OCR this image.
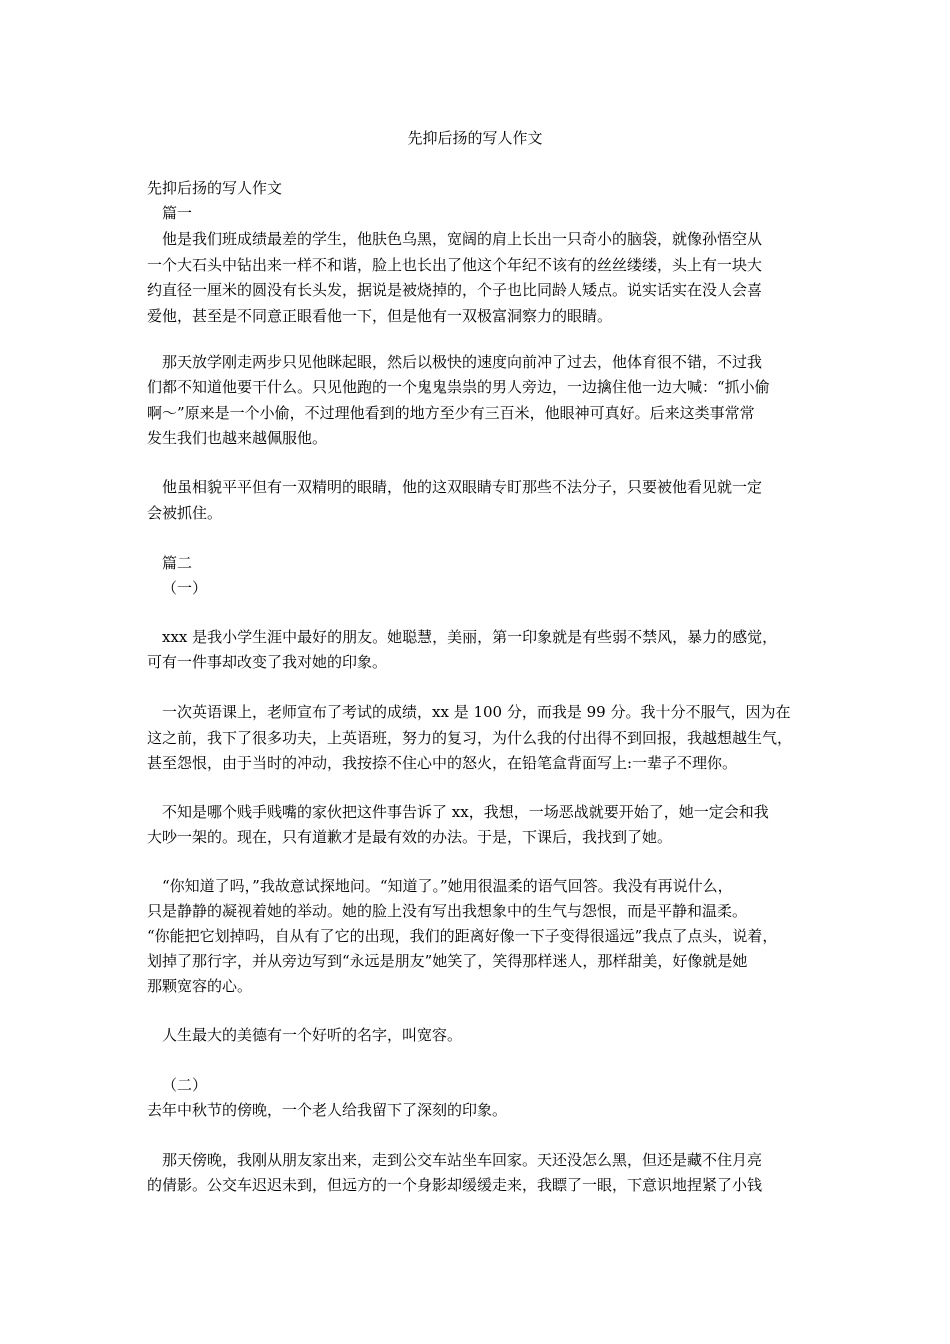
先抑后扬的写人作文
先抑后扬的写人作文
篇一
他是我们班成绩最差的学生，他肤色乌黑，宽阔的肩上长出一只奇小的脑袋，就像孙悟空从
一个大石头中钻出来一样不和谐，脸上也长出了他这个年纪不该有的丝丝缕缕，头上有一块大
约直径一厘米的圆没有长头发，据说是被烧掉的，个子也比同龄人矮点。说实话实在没人会喜
爱他，甚至是不同意正眼看他一下，但是他有一双极富洞察力的眼睛。
那天放学刚走两步只见他眯起眼，然后以极快的速度向前冲了过去，他体育很不错，不过我
们都不知道他要干什么。只见他跑的一个鬼鬼祟祟的男人旁边，一边擒住他一边大喊：“抓小偷
啊～”原来是一个小偷，不过理他看到的地方至少有三百米，他眼神可真好。后来这类事常常
发生我们也越来越佩服他。
他虽相貌平平但有一双精明的眼睛，他的这双眼睛专盯那些不法分子，只要被他看见就一定
会被抓住。
篇二
（一）
xxx 是我小学生涯中最好的朋友。她聪慧，美丽，第一印象就是有些弱不禁风，暴力的感觉，
可有一件事却改变了我对她的印象。
一次英语课上，老师宣布了考试的成绩，xx 是 100 分，而我是 99 分。我十分不服气，因为在
这之前，我下了很多功夫，上英语班，努力的复习，为什么我的付出得不到回报，我越想越生气，
甚至怨恨，由于当时的冲动，我按捺不住心中的怒火，在铅笔盒背面写上:一辈子不理你。
不知是哪个贱手贱嘴的家伙把这件事告诉了 xx，我想，一场恶战就要开始了，她一定会和我
大吵一架的。现在，只有道歉才是最有效的办法。于是，下课后，我找到了她。
“你知道了吗，”我故意试探地问。“知道了。”她用很温柔的语气回答。我没有再说什么，
只是静静的凝视着她的举动。她的脸上没有写出我想象中的生气与怨恨，而是平静和温柔。
“你能把它划掉吗，自从有了它的出现，我们的距离好像一下子变得很遥远”我点了点头，说着，
划掉了那行字，并从旁边写到“永远是朋友”她笑了，笑得那样迷人，那样甜美，好像就是她
那颗宽容的心。
人生最大的美德有一个好听的名字，叫宽容。
（二）
去年中秋节的傍晚，一个老人给我留下了深刻的印象。
那天傍晚，我刚从朋友家出来，走到公交车站坐车回家。天还没怎么黑，但还是藏不住月亮
的倩影。公交车迟迟未到，但远方的一个身影却缓缓走来，我瞟了一眼，下意识地捏紧了小钱
